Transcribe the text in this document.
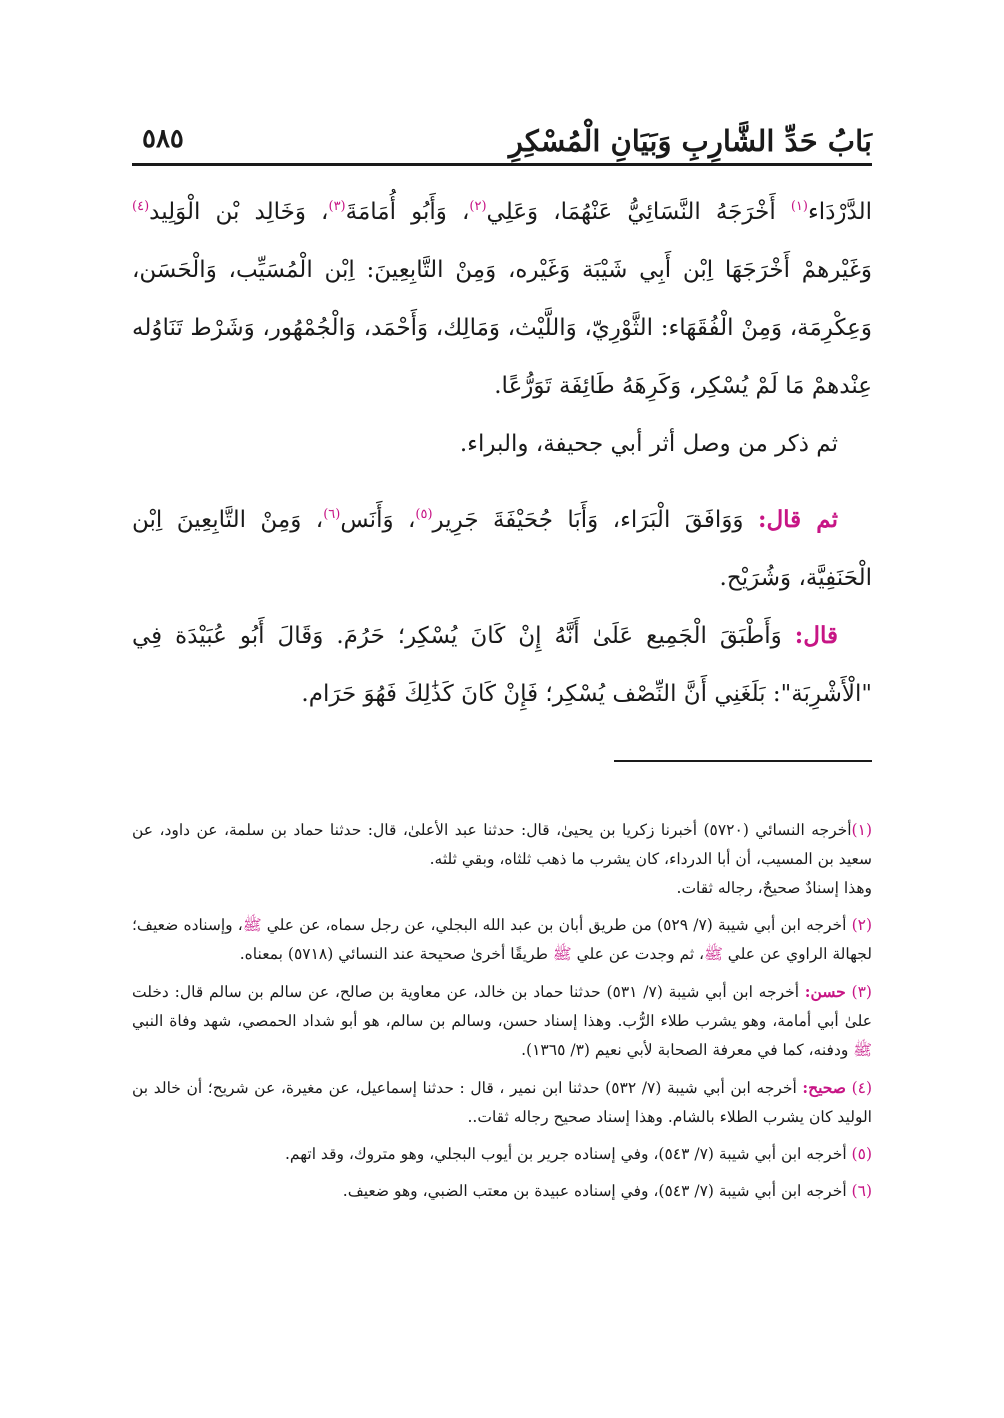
بَابُ حَدِّ الشَّارِبِ وَبَيَانِ الْمُسْكِرِ
٥٨٥

الدَّرْدَاء$^{(١)}$ أَخْرَجَهُ النَّسَائِيُّ عَنْهُمَا، وَعَلِي$^{(٢)}$، وَأَبُو أُمَامَةَ$^{(٣)}$، وَخَالِد بْن الْوَلِيد$^{(٤)}$ وَغَيْرهمْ أَخْرَجَهَا اِبْن أَبِي شَيْبَة وَغَيْره، وَمِنْ التَّابِعِينَ: اِبْن الْمُسَيِّب، وَالْحَسَن، وَعِكْرِمَة، وَمِنْ الْفُقَهَاء: الثَّوْرِيّ، وَاللَّيْث، وَمَالِك، وَأَحْمَد، وَالْجُمْهُور، وَشَرْط تَنَاوُله عِنْدهمْ مَا لَمْ يُسْكِر، وَكَرِهَهُ طَائِفَة تَوَرُّعًا.

ثم ذكر من وصل أثر أبي جحيفة، والبراء.

ثم قال: وَوَافَقَ الْبَرَاء، وَأَبَا جُحَيْفَةَ جَرِير$^{(٥)}$، وَأَنَس$^{(٦)}$، وَمِنْ التَّابِعِينَ اِبْن الْحَنَفِيَّة، وَشُرَيْح.

قال: وَأَطْبَقَ الْجَمِيع عَلَىٰ أَنَّهُ إِنْ كَانَ يُسْكِر؛ حَرُمَ. وَقَالَ أَبُو عُبَيْدَة فِي "الْأَشْرِبَة": بَلَغَنِي أَنَّ النِّصْف يُسْكِر؛ فَإِنْ كَانَ كَذَٰلِكَ فَهُوَ حَرَام.

(١)أخرجه النسائي (٥٧٢٠) أخبرنا زكريا بن يحيىٰ، قال: حدثنا عبد الأعلىٰ، قال: حدثنا حماد بن سلمة، عن داود، عن سعيد بن المسيب، أن أبا الدرداء، كان يشرب ما ذهب ثلثاه، وبقي ثلثه.
وهذا إسنادٌ صحيحٌ، رجاله ثقات.

(٢) أخرجه ابن أبي شيبة (٧/ ٥٢٩) من طريق أبان بن عبد الله البجلي، عن رجل سماه، عن علي ﷺ، وإسناده ضعيف؛ لجهالة الراوي عن علي ﷺ، ثم وجدت عن علي ﷺ طريقًا أخرىٰ صحيحة عند النسائي (٥٧١٨) بمعناه.

(٣) حسن: أخرجه ابن أبي شيبة (٧/ ٥٣١) حدثنا حماد بن خالد، عن معاوية بن صالح، عن سالم بن سالم قال: دخلت علىٰ أبي أمامة، وهو يشرب طلاء الرُّب. وهذا إسناد حسن، وسالم بن سالم، هو أبو شداد الحمصي، شهد وفاة النبي ﷺ ودفنه، كما في معرفة الصحابة لأبي نعيم (٣/ ١٣٦٥).

(٤) صحيح: أخرجه ابن أبي شيبة (٧/ ٥٣٢) حدثنا ابن نمير ، قال : حدثنا إسماعيل، عن مغيرة، عن شريح؛ أن خالد بن الوليد كان يشرب الطلاء بالشام. وهذا إسناد صحيح رجاله ثقات..

(٥) أخرجه ابن أبي شيبة (٧/ ٥٤٣)، وفي إسناده جرير بن أيوب البجلي، وهو متروك، وقد اتهم.

(٦) أخرجه ابن أبي شيبة (٧/ ٥٤٣)، وفي إسناده عبيدة بن معتب الضبي، وهو ضعيف.
